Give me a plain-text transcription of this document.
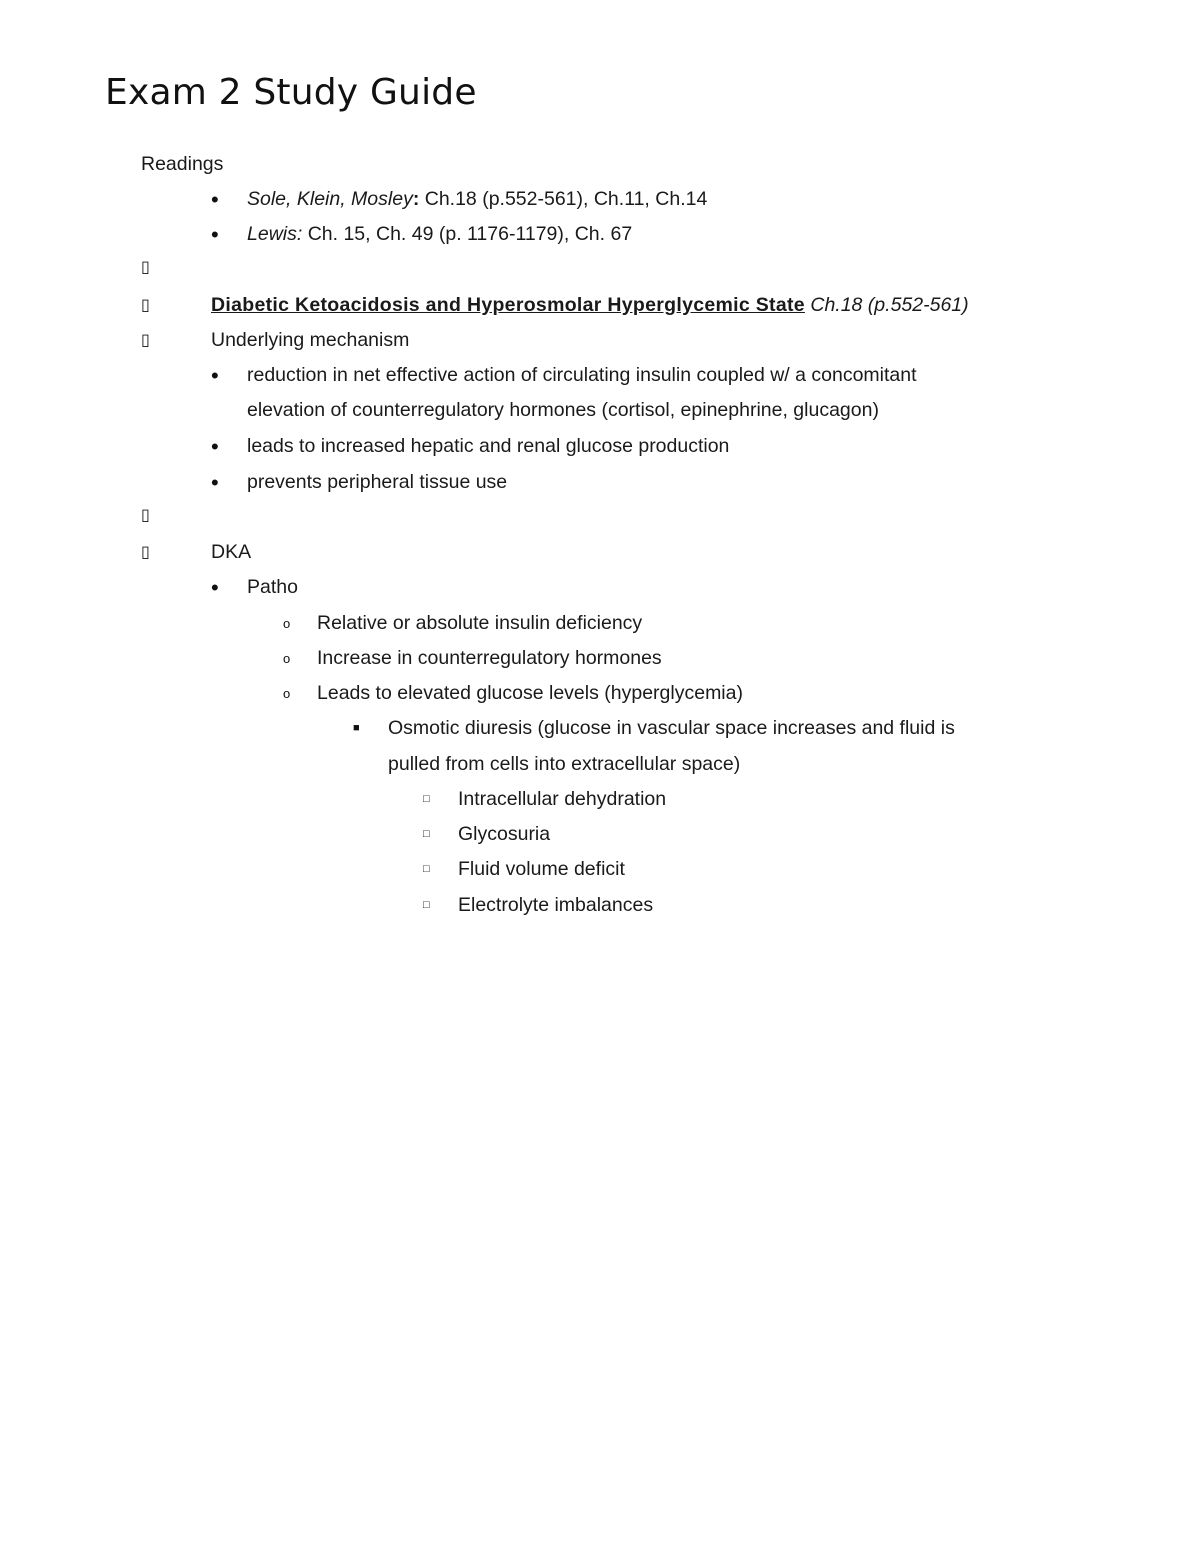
Exam 2 Study Guide
Readings
• Sole, Klein, Mosley: Ch.18 (p.552-561), Ch.11, Ch.14
• Lewis: Ch. 15, Ch. 49 (p. 1176-1179), Ch. 67
▯
▯	Diabetic Ketoacidosis and Hyperosmolar Hyperglycemic State Ch.18 (p.552-561)
▯	Underlying mechanism
• reduction in net effective action of circulating insulin coupled w/ a concomitant
elevation of counterregulatory hormones (cortisol, epinephrine, glucagon)
• leads to increased hepatic and renal glucose production
• prevents peripheral tissue use
▯
▯	DKA
• Patho
o Relative or absolute insulin deficiency
o Increase in counterregulatory hormones
o Leads to elevated glucose levels (hyperglycemia)
■ Osmotic diuresis (glucose in vascular space increases and fluid is
pulled from cells into extracellular space)
□ Intracellular dehydration
□ Glycosuria
□ Fluid volume deficit
□ Electrolyte imbalances
